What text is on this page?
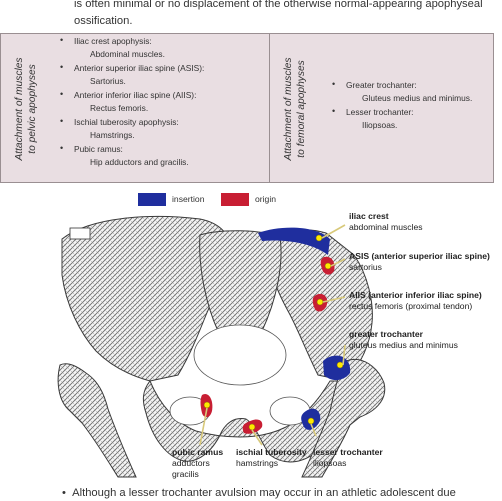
is often minimal or no displacement of the otherwise normal-appearing apophyseal ossification.
Attachment of muscles to pelvic apophyses
• Iliac crest apophysis:
Abdominal muscles.
• Anterior superior iliac spine (ASIS):
Sartorius.
• Anterior inferior iliac spine (AIIS):
Rectus femoris.
• Ischial tuberosity apophysis:
Hamstrings.
• Pubic ramus:
Hip adductors and gracilis.
Attachment of muscles to femoral apophyses	• Greater trochanter:
Gluteus medius and minimus.
• Lesser trochanter:
Iliopsoas.
insertion	origin
iliac crest
abdominal muscles
ASIS (anterior superior iliac spine)
sartorius
AIIS (anterior inferior iliac spine)
rectus femoris (proximal tendon)
greater trochanter
gluteus medius and minimus
pubic ramus
adductors
gracilis
ischial tuberosity
hamstrings
lesser trochanter
iliopsoas
•  Although a lesser trochanter avulsion may occur in an athletic adolescent due
